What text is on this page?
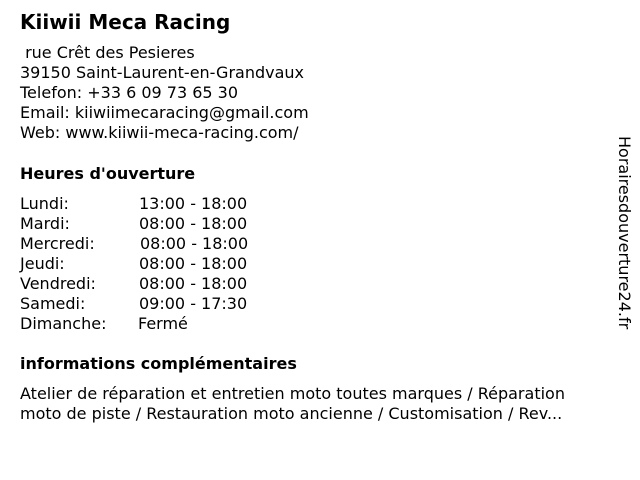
Kiiwii Meca Racing
rue Crêt des Pesieres
39150 Saint-Laurent-en-Grandvaux
Telefon: +33 6 09 73 65 30
Email: kiiwiimecaracing@gmail.com
Web: www.kiiwii-meca-racing.com/
Heures d'ouverture
Lundi:	13:00 - 18:00
Mardi:	08:00 - 18:00
Mercredi:	08:00 - 18:00
Jeudi:	08:00 - 18:00
Vendredi:	08:00 - 18:00
Samedi:	09:00 - 17:30
Dimanche: Fermé
informations complémentaires
Atelier de réparation et entretien moto toutes marques / Réparation
moto de piste / Restauration moto ancienne / Customisation / Rev...
Horairesdouverture24.fr
